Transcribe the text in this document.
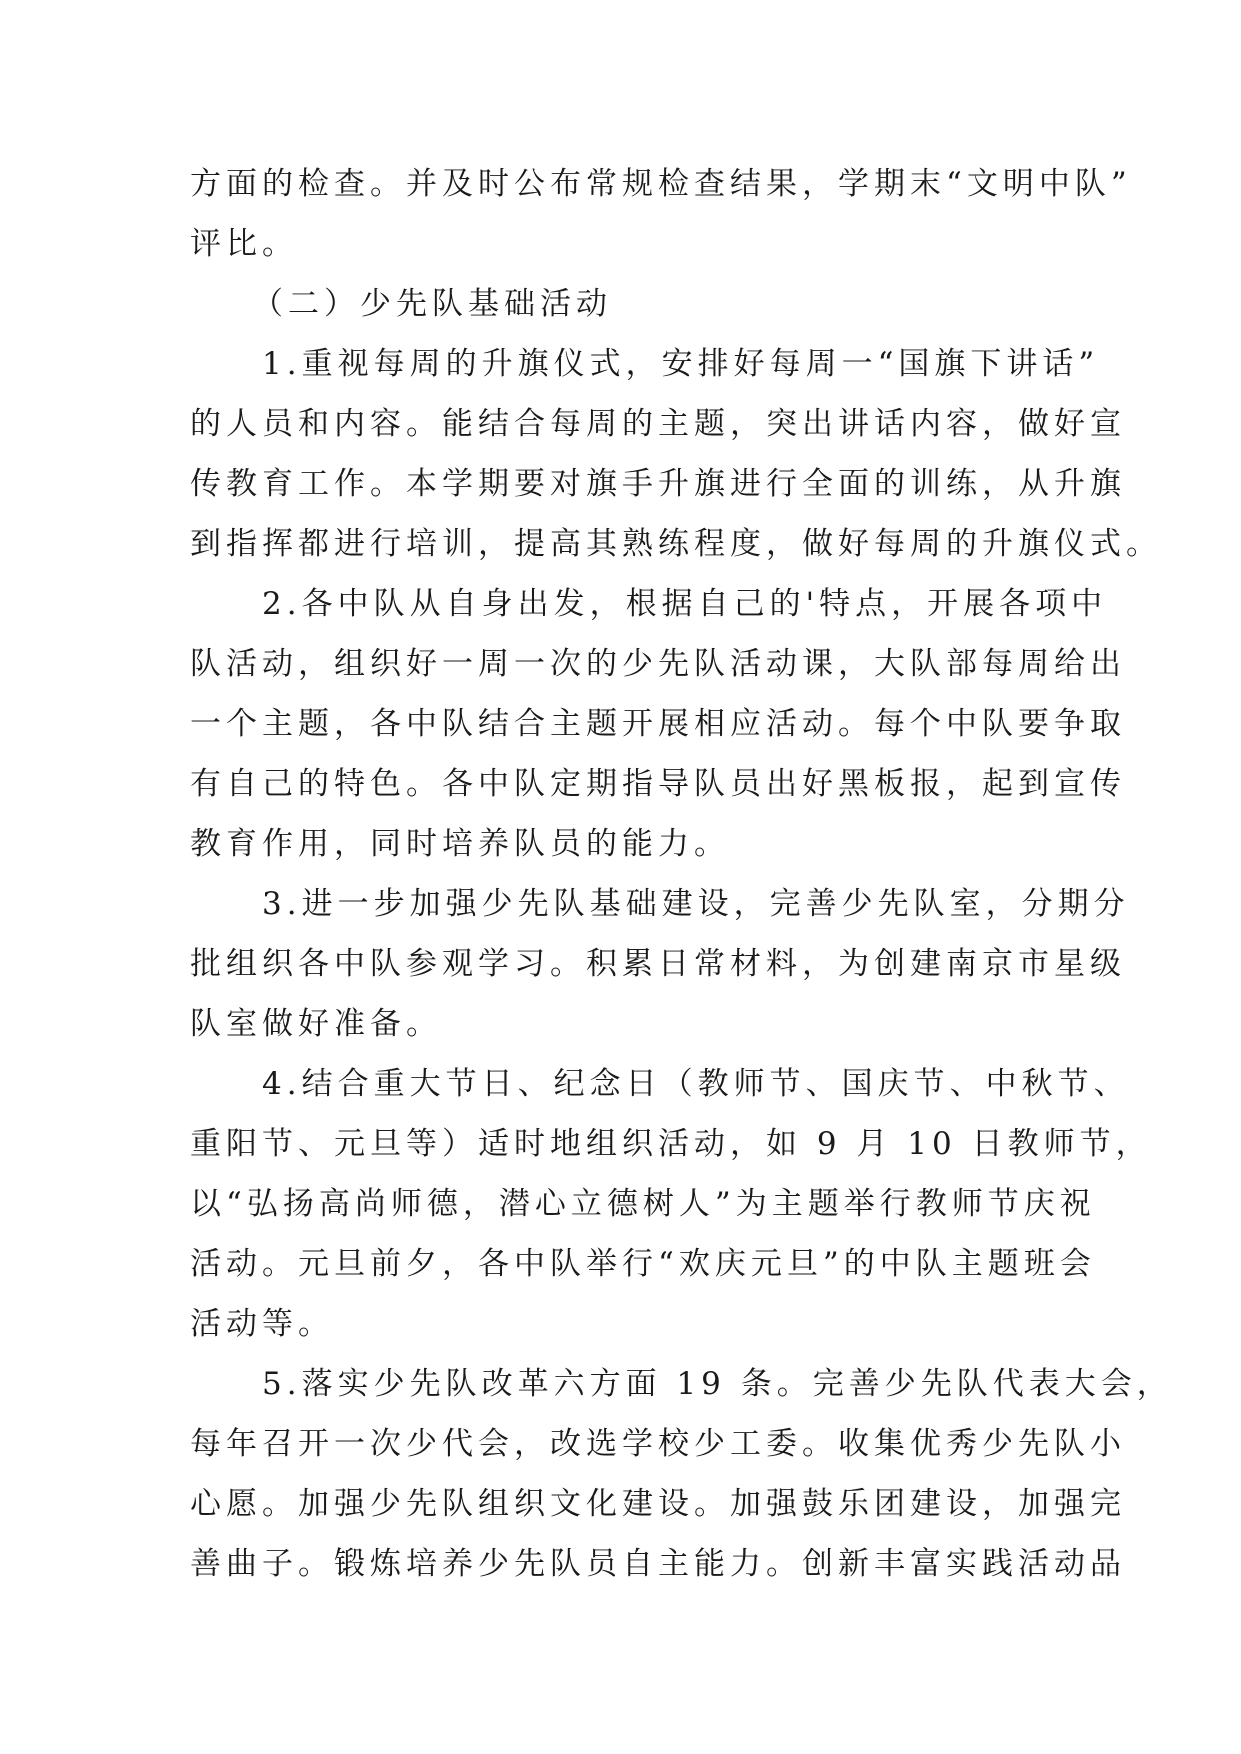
方面的检查。并及时公布常规检查结果，学期末“文明中队”

评比。

（二）少先队基础活动

1.重视每周的升旗仪式，安排好每周一“国旗下讲话”

的人员和内容。能结合每周的主题，突出讲话内容，做好宣

传教育工作。本学期要对旗手升旗进行全面的训练，从升旗

到指挥都进行培训，提高其熟练程度，做好每周的升旗仪式。

2.各中队从自身出发，根据自己的'特点，开展各项中

队活动，组织好一周一次的少先队活动课，大队部每周给出

一个主题，各中队结合主题开展相应活动。每个中队要争取

有自己的特色。各中队定期指导队员出好黑板报，起到宣传

教育作用，同时培养队员的能力。

3.进一步加强少先队基础建设，完善少先队室，分期分

批组织各中队参观学习。积累日常材料，为创建南京市星级

队室做好准备。

4.结合重大节日、纪念日（教师节、国庆节、中秋节、

重阳节、元旦等）适时地组织活动，如 9 月 10 日教师节，

以“弘扬高尚师德，潜心立德树人”为主题举行教师节庆祝

活动。元旦前夕，各中队举行“欢庆元旦”的中队主题班会

活动等。

5.落实少先队改革六方面 19 条。完善少先队代表大会，

每年召开一次少代会，改选学校少工委。收集优秀少先队小

心愿。加强少先队组织文化建设。加强鼓乐团建设，加强完

善曲子。锻炼培养少先队员自主能力。创新丰富实践活动品
